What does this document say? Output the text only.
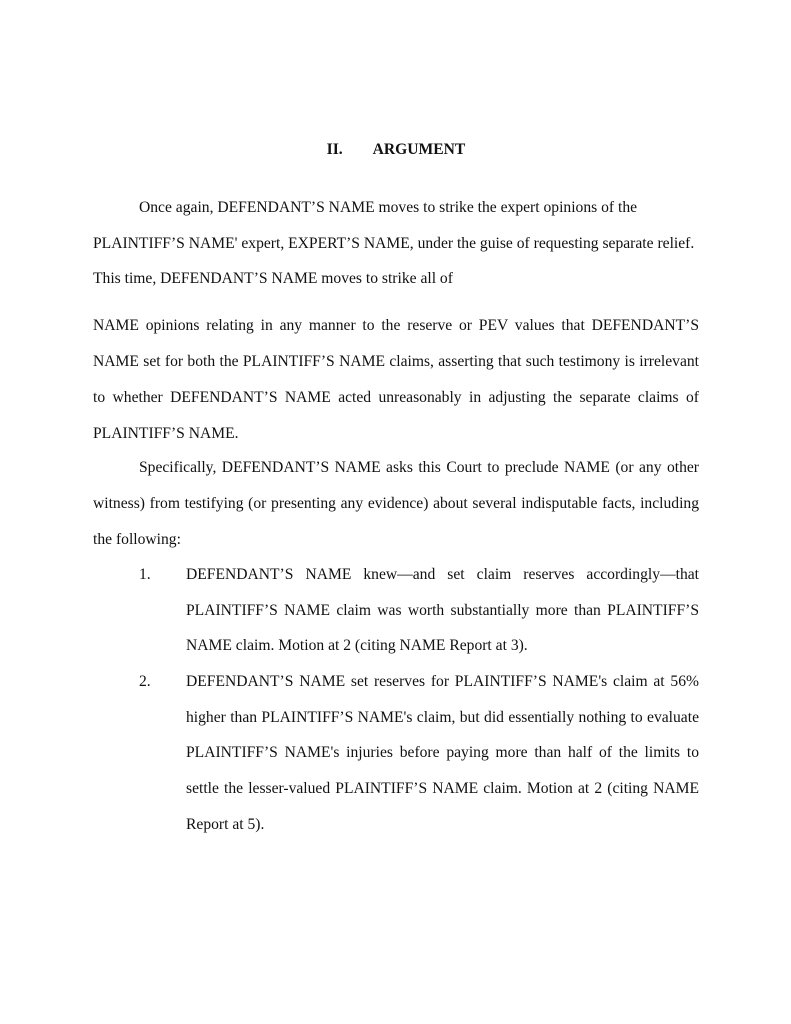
II. ARGUMENT

Once again, DEFENDANT’S NAME moves to strike the expert opinions of the PLAINTIFF’S NAME' expert, EXPERT’S NAME, under the guise of requesting separate relief. This time, DEFENDANT’S NAME moves to strike all of

NAME opinions relating in any manner to the reserve or PEV values that DEFENDANT’S NAME set for both the PLAINTIFF’S NAME claims, asserting that such testimony is irrelevant to whether DEFENDANT’S NAME acted unreasonably in adjusting the separate claims of PLAINTIFF’S NAME.

Specifically, DEFENDANT’S NAME asks this Court to preclude NAME (or any other witness) from testifying (or presenting any evidence) about several indisputable facts, including the following:

1. DEFENDANT’S NAME knew—and set claim reserves accordingly—that PLAINTIFF’S NAME claim was worth substantially more than PLAINTIFF’S NAME claim. Motion at 2 (citing NAME Report at 3).
2. DEFENDANT’S NAME set reserves for PLAINTIFF’S NAME's claim at 56% higher than PLAINTIFF’S NAME's claim, but did essentially nothing to evaluate PLAINTIFF’S NAME's injuries before paying more than half of the limits to settle the lesser-valued PLAINTIFF’S NAME claim. Motion at 2 (citing NAME Report at 5).
